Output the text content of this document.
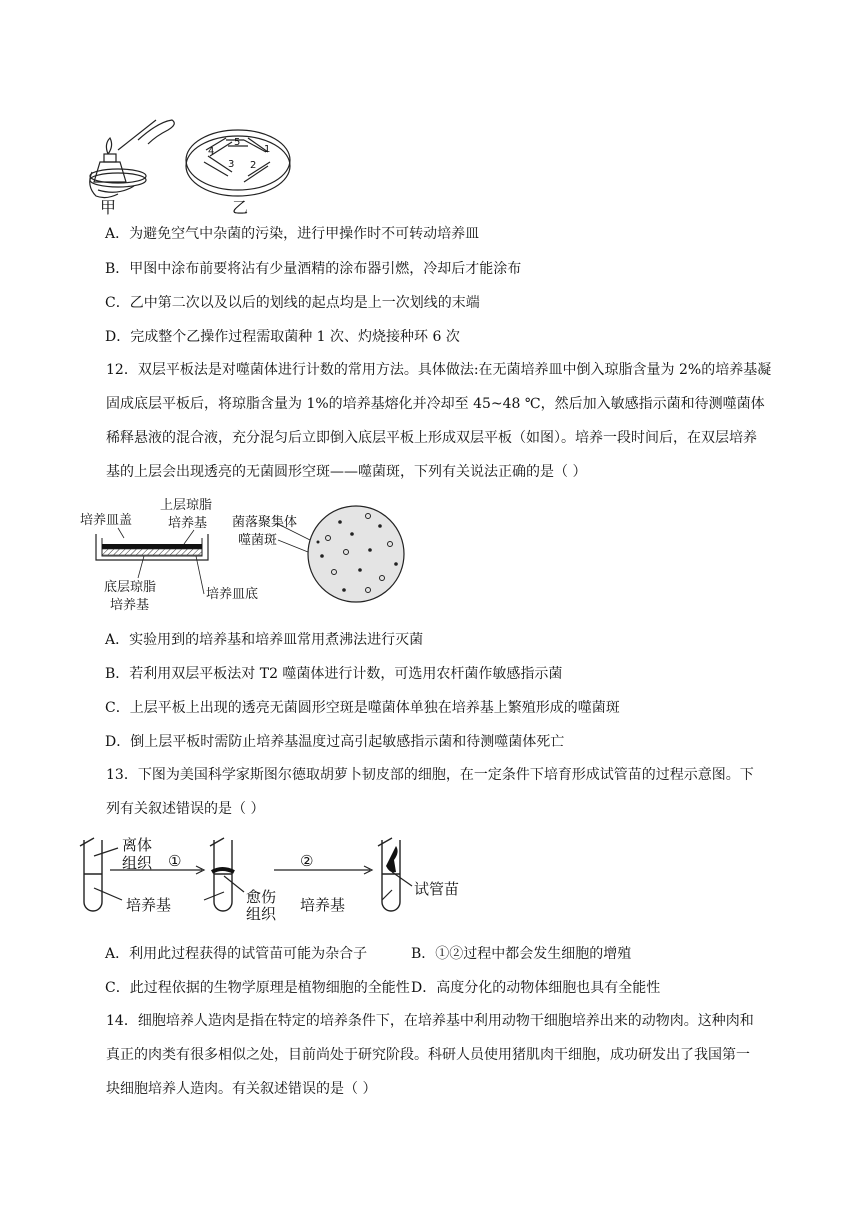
甲
4
5
1
3 2
乙
A．为避免空气中杂菌的污染，进行甲操作时不可转动培养皿
B．甲图中涂布前要将沾有少量酒精的涂布器引燃，冷却后才能涂布
C．乙中第二次以及以后的划线的起点均是上一次划线的末端
D．完成整个乙操作过程需取菌种 1 次、灼烧接种环 6 次

12．双层平板法是对噬菌体进行计数的常用方法。具体做法:在无菌培养皿中倒入琼脂含量为 2%的培养基凝

固成底层平板后，将琼脂含量为 1%的培养基熔化并冷却至 45~48 ℃，然后加入敏感指示菌和待测噬菌体

稀释悬液的混合液，充分混匀后立即倒入底层平板上形成双层平板（如图）。培养一段时间后，在双层培养

基的上层会出现透亮的无菌圆形空斑——噬菌斑，下列有关说法正确的是（ ）

培养皿盖
上层琼脂
培养基
底层琼脂
培养基
培养皿底
菌落聚集体
噬菌斑
A．实验用到的培养基和培养皿常用煮沸法进行灭菌
B．若利用双层平板法对 T2 噬菌体进行计数，可选用农杆菌作敏感指示菌
C．上层平板上出现的透亮无菌圆形空斑是噬菌体单独在培养基上繁殖形成的噬菌斑
D．倒上层平板时需防止培养基温度过高引起敏感指示菌和待测噬菌体死亡

13．下图为美国科学家斯图尔德取胡萝卜韧皮部的细胞，在一定条件下培育形成试管苗的过程示意图。下

列有关叙述错误的是（ ）

离体
组织 ①	②
培养基	愈伤
组织 培养基
试管苗
A．利用此过程获得的试管苗可能为杂合子	B．①②过程中都会发生细胞的增殖
C．此过程依据的生物学原理是植物细胞的全能性D．高度分化的动物体细胞也具有全能性

14．细胞培养人造肉是指在特定的培养条件下，在培养基中利用动物干细胞培养出来的动物肉。这种肉和

真正的肉类有很多相似之处，目前尚处于研究阶段。科研人员使用猪肌肉干细胞，成功研发出了我国第一

块细胞培养人造肉。有关叙述错误的是（ ）
